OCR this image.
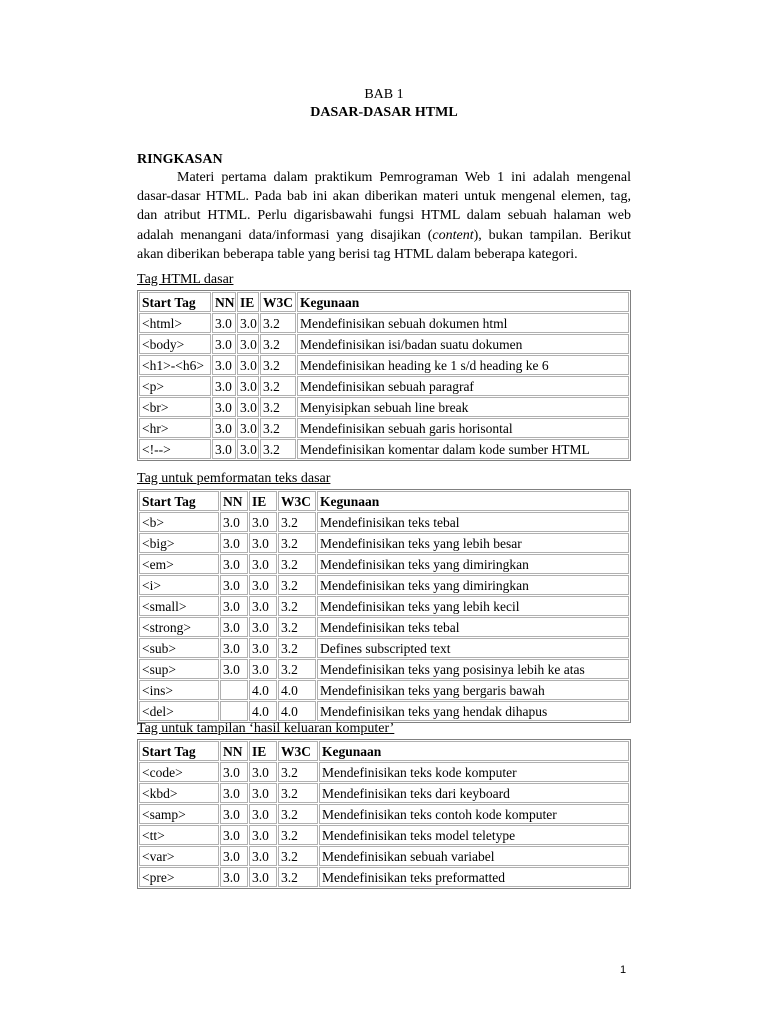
BAB 1
DASAR-DASAR HTML
RINGKASAN

Materi pertama dalam praktikum Pemrograman Web 1 ini adalah mengenal dasar-dasar HTML. Pada bab ini akan diberikan materi untuk mengenal elemen, tag, dan atribut HTML. Perlu digarisbawahi fungsi HTML dalam sebuah halaman web adalah menangani data/informasi yang disajikan (content), bukan tampilan. Berikut akan diberikan beberapa table yang berisi tag HTML dalam beberapa kategori.

Tag HTML dasar
Start Tag	NN	IE	W3C	Kegunaan
<html>	3.0	3.0	3.2	Mendefinisikan sebuah dokumen html
<body>	3.0	3.0	3.2	Mendefinisikan isi/badan suatu dokumen
<h1>-<h6>	3.0	3.0	3.2	Mendefinisikan heading ke 1 s/d heading ke 6
<p>	3.0	3.0	3.2	Mendefinisikan sebuah paragraf
<br>	3.0	3.0	3.2	Menyisipkan sebuah line break
<hr>	3.0	3.0	3.2	Mendefinisikan sebuah garis horisontal
<!-->	3.0	3.0	3.2	Mendefinisikan komentar dalam kode sumber HTML
Tag untuk pemformatan teks dasar
Start Tag	NN	IE	W3C	Kegunaan
<b>	3.0	3.0	3.2	Mendefinisikan teks tebal
<big>	3.0	3.0	3.2	Mendefinisikan teks yang lebih besar
<em>	3.0	3.0	3.2	Mendefinisikan teks yang dimiringkan
<i>	3.0	3.0	3.2	Mendefinisikan teks yang dimiringkan
<small>	3.0	3.0	3.2	Mendefinisikan teks yang lebih kecil
<strong>	3.0	3.0	3.2	Mendefinisikan teks tebal
<sub>	3.0	3.0	3.2	Defines subscripted text
<sup>	3.0	3.0	3.2	Mendefinisikan teks yang posisinya lebih ke atas
<ins>		4.0	4.0	Mendefinisikan teks yang bergaris bawah
<del>		4.0	4.0	Mendefinisikan teks yang hendak dihapus
Tag untuk tampilan ‘hasil keluaran komputer’
Start Tag	NN	IE	W3C	Kegunaan
<code>	3.0	3.0	3.2	Mendefinisikan teks kode komputer
<kbd>	3.0	3.0	3.2	Mendefinisikan teks dari keyboard
<samp>	3.0	3.0	3.2	Mendefinisikan teks contoh kode komputer
<tt>	3.0	3.0	3.2	Mendefinisikan teks model teletype
<var>	3.0	3.0	3.2	Mendefinisikan sebuah variabel
<pre>	3.0	3.0	3.2	Mendefinisikan teks preformatted
1
